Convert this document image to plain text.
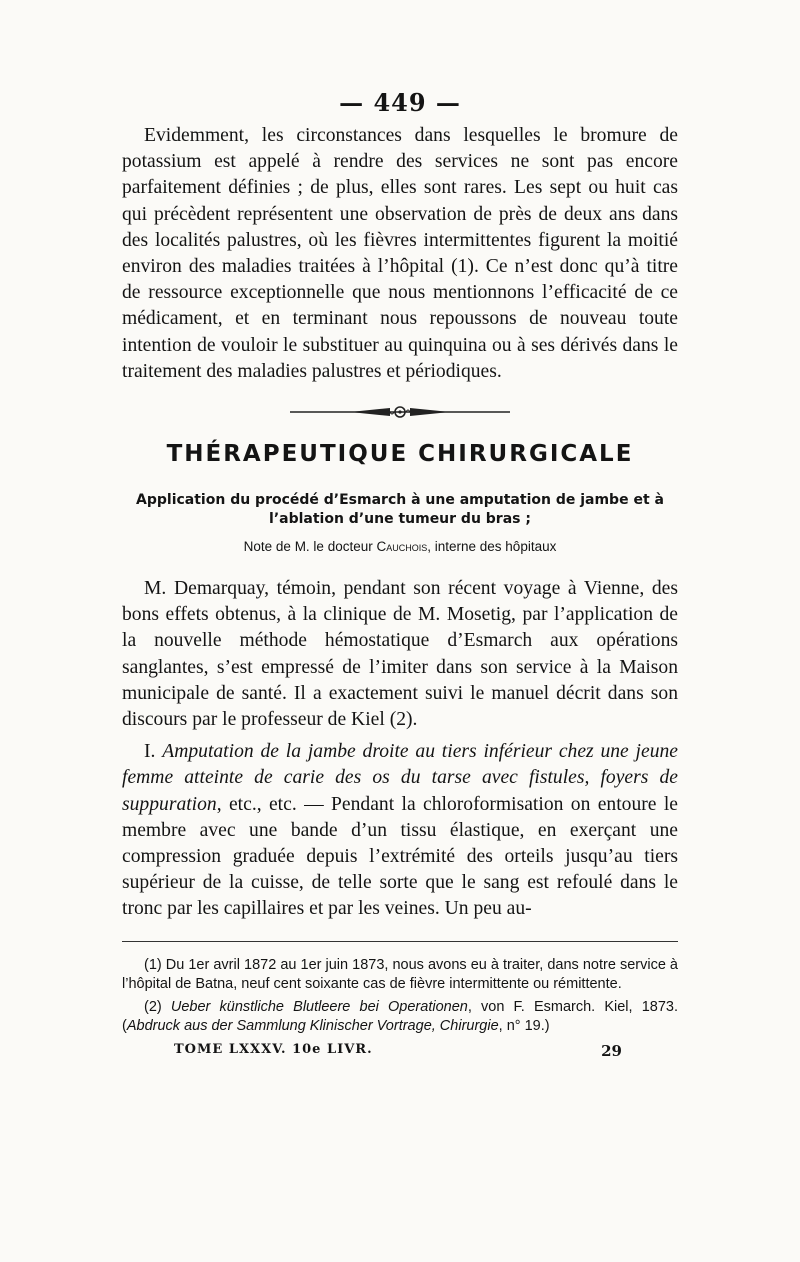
— 449 —

Evidemment, les circonstances dans lesquelles le bromure de potassium est appelé à rendre des services ne sont pas encore parfaitement définies ; de plus, elles sont rares. Les sept ou huit cas qui précèdent représentent une observation de près de deux ans dans des localités palustres, où les fièvres intermittentes figurent la moitié environ des maladies traitées à l’hôpital (1). Ce n’est donc qu’à titre de ressource exceptionnelle que nous mentionnons l’efficacité de ce médicament, et en terminant nous repoussons de nouveau toute intention de vouloir le substituer au quinquina ou à ses dérivés dans le traitement des maladies palustres et périodiques.

THÉRAPEUTIQUE CHIRURGICALE

Application du procédé d’Esmarch à une amputation de jambe et à l’ablation d’une tumeur du bras ;

Note de M. le docteur Cauchois, interne des hôpitaux

M. Demarquay, témoin, pendant son récent voyage à Vienne, des bons effets obtenus, à la clinique de M. Mosetig, par l’application de la nouvelle méthode hémostatique d’Esmarch aux opérations sanglantes, s’est empressé de l’imiter dans son service à la Maison municipale de santé. Il a exactement suivi le manuel décrit dans son discours par le professeur de Kiel (2).

I. Amputation de la jambe droite au tiers inférieur chez une jeune femme atteinte de carie des os du tarse avec fistules, foyers de suppuration, etc., etc. — Pendant la chloroformisation on entoure le membre avec une bande d’un tissu élastique, en exerçant une compression graduée depuis l’extrémité des orteils jusqu’au tiers supérieur de la cuisse, de telle sorte que le sang est refoulé dans le tronc par les capillaires et par les veines. Un peu au-

(1) Du 1er avril 1872 au 1er juin 1873, nous avons eu à traiter, dans notre service à l’hôpital de Batna, neuf cent soixante cas de fièvre intermittente ou rémittente.

(2) Ueber künstliche Blutleere bei Operationen, von F. Esmarch. Kiel, 1873. (Abdruck aus der Sammlung Klinischer Vortrage, Chirurgie, n° 19.)

TOME LXXXV. 10e LIVR.	29
